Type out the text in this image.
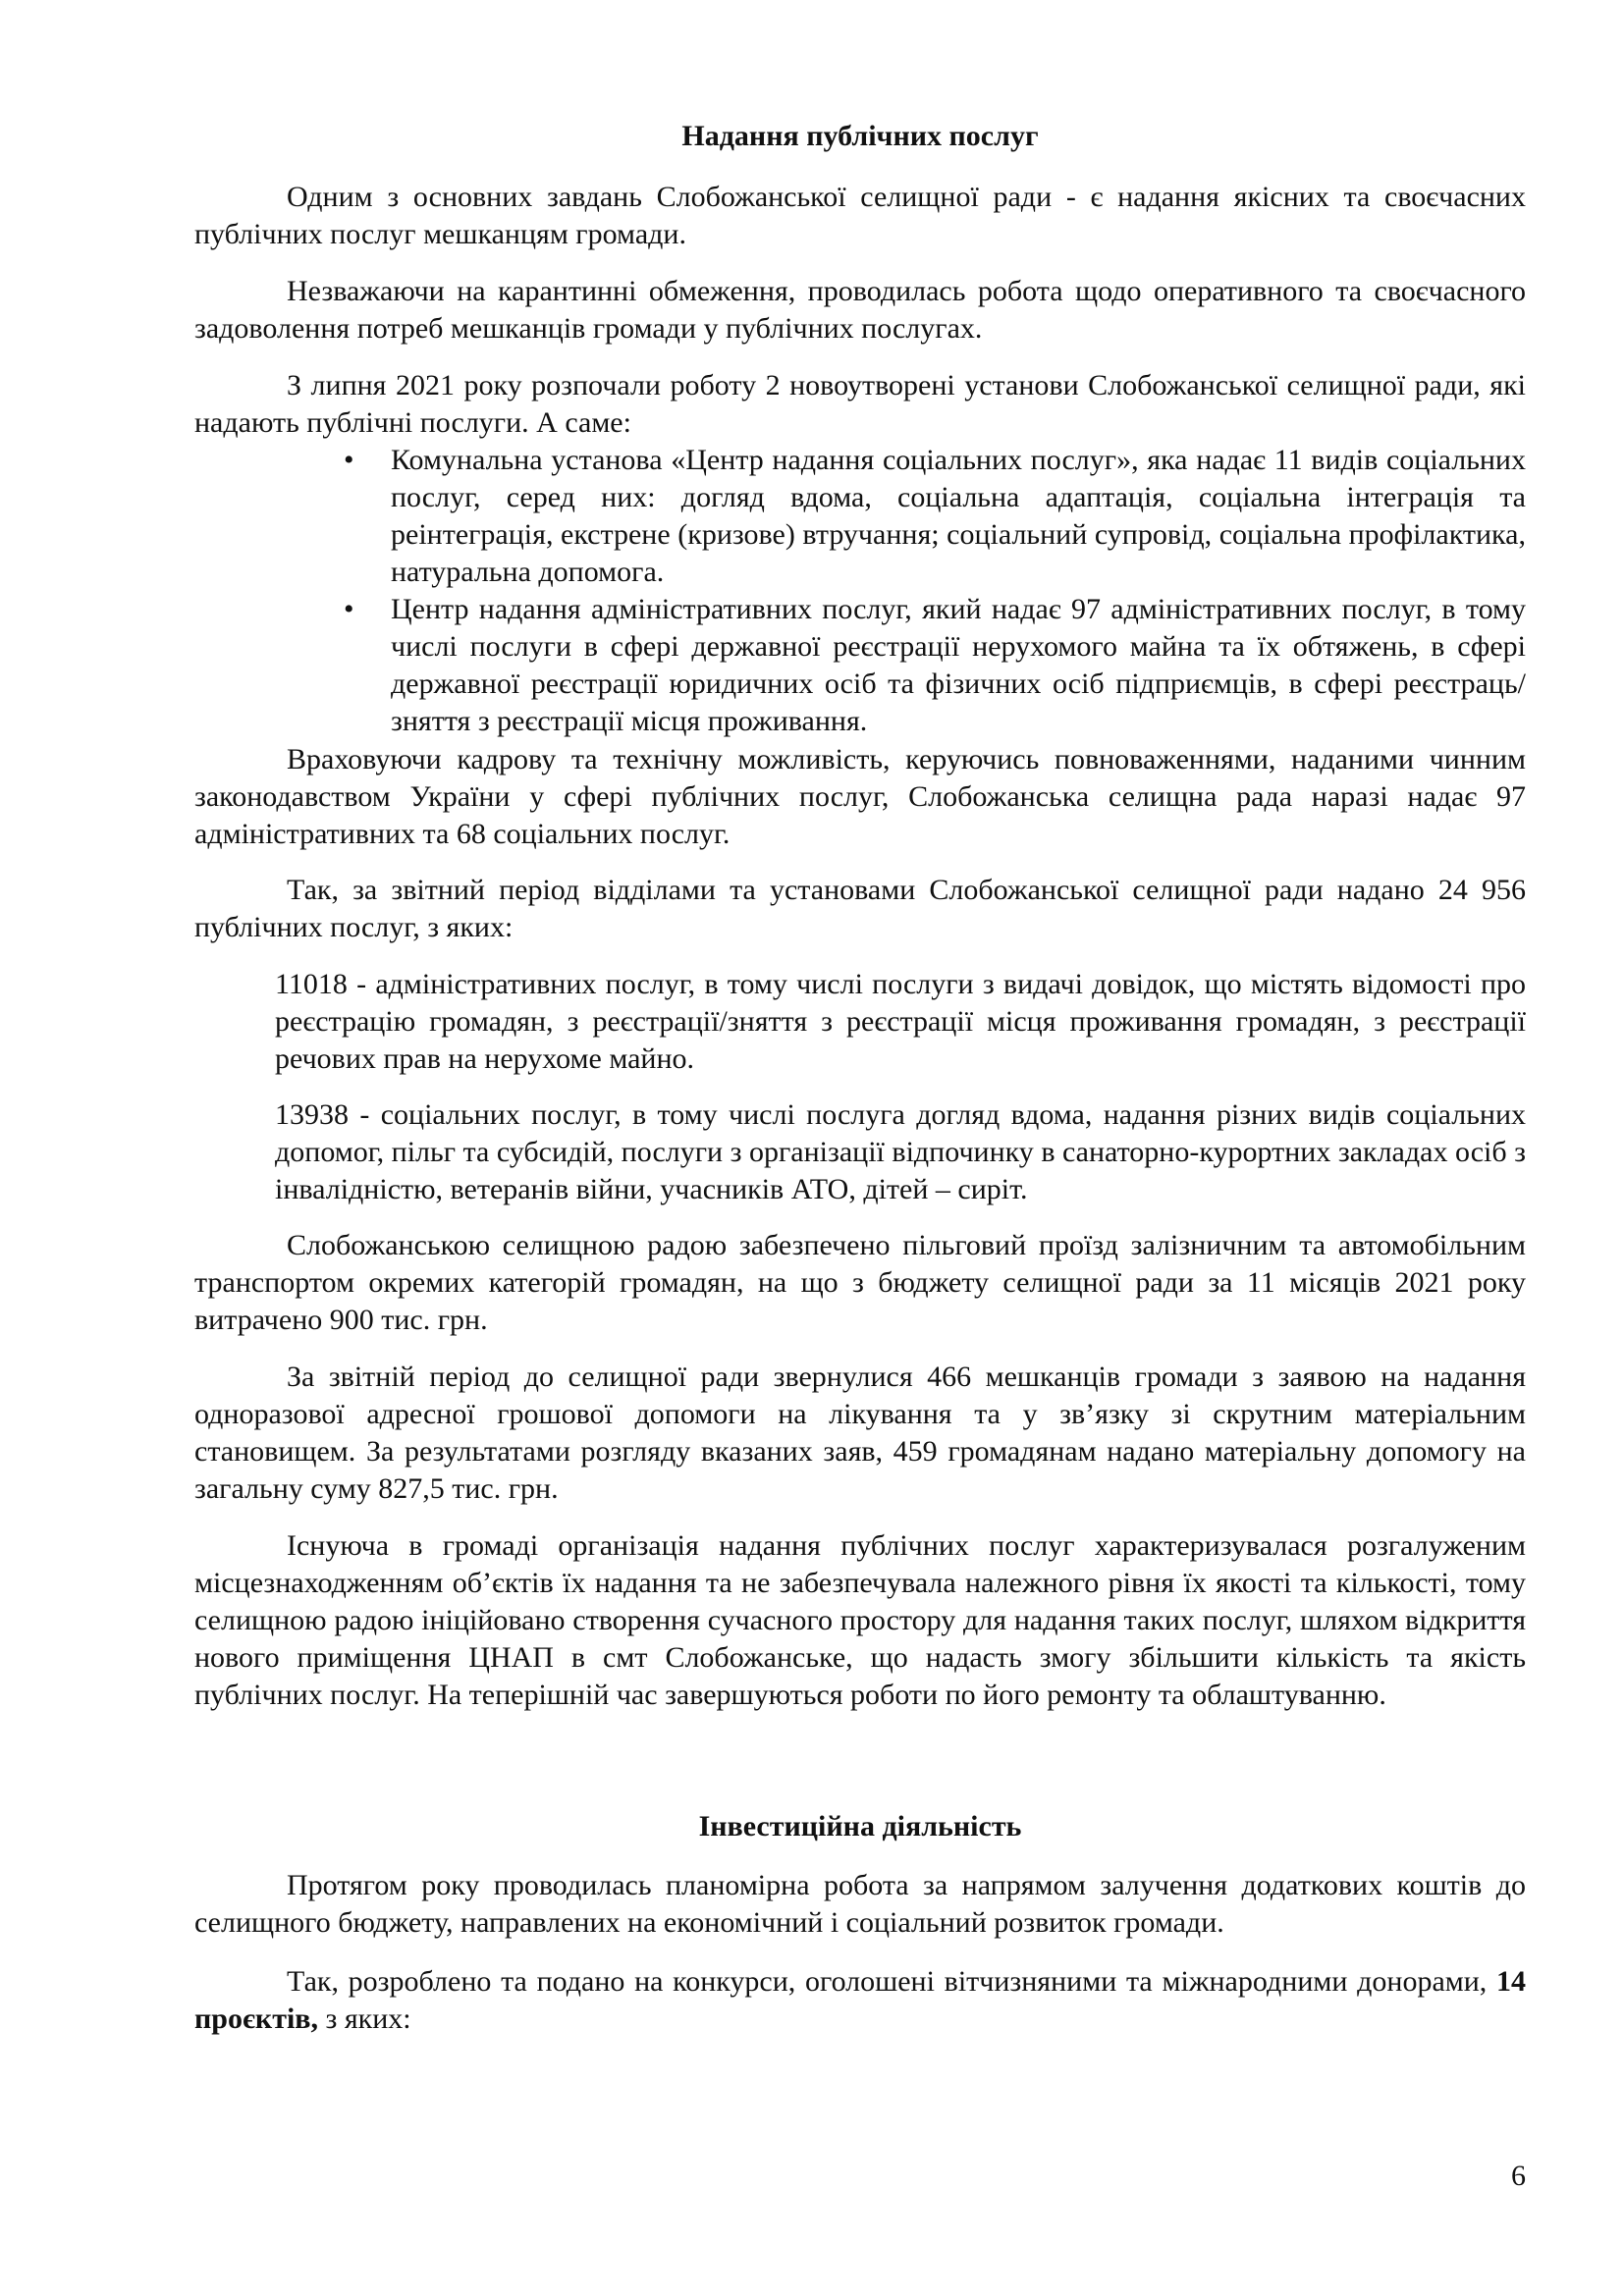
Надання публічних послуг

Одним з основних завдань Слобожанської селищної ради - є надання якісних та своєчасних публічних послуг мешканцям громади.

Незважаючи на карантинні обмеження, проводилась робота щодо оперативного та своєчасного задоволення потреб мешканців громади у публічних послугах.

З липня 2021 року розпочали роботу 2 новоутворені установи Слобожанської селищної ради, які надають публічні послуги. А саме:

• Комунальна установа «Центр надання соціальних послуг», яка надає 11 видів соціальних послуг, серед них: догляд вдома, соціальна адаптація, соціальна інтеграція та реінтеграція, екстрене (кризове) втручання; соціальний супровід, соціальна профілактика, натуральна допомога.
• Центр надання адміністративних послуг, який надає 97 адміністративних послуг, в тому числі послуги в сфері державної реєстрації нерухомого майна та їх обтяжень, в сфері державної реєстрації юридичних осіб та фізичних осіб підприємців, в сфері реєстраць/зняття з реєстрації місця проживання.

Враховуючи кадрову та технічну можливість, керуючись повноваженнями, наданими чинним законодавством України у сфері публічних послуг, Слобожанська селищна рада наразі надає 97 адміністративних та 68 соціальних послуг.

Так, за звітний період відділами та установами Слобожанської селищної ради надано 24 956 публічних послуг, з яких:

11018 - адміністративних послуг, в тому числі послуги з видачі довідок, що містять відомості про реєстрацію громадян, з реєстрації/зняття з реєстрації місця проживання громадян, з реєстрації речових прав на нерухоме майно.

13938 - соціальних послуг, в тому числі послуга догляд вдома, надання різних видів соціальних допомог, пільг та субсидій, послуги з організації відпочинку в санаторно-курортних закладах осіб з інвалідністю, ветеранів війни, учасників АТО, дітей – сиріт.

Слобожанською селищною радою забезпечено пільговий проїзд залізничним та автомобільним транспортом окремих категорій громадян, на що з бюджету селищної ради за 11 місяців 2021 року витрачено 900 тис. грн.

За звітній період до селищної ради звернулися 466 мешканців громади з заявою на надання одноразової адресної грошової допомоги на лікування та у зв’язку зі скрутним матеріальним становищем. За результатами розгляду вказаних заяв, 459 громадянам надано матеріальну допомогу на загальну суму 827,5 тис. грн.

Існуюча в громаді організація надання публічних послуг характеризувалася розгалуженим місцезнаходженням об’єктів їх надання та не забезпечувала належного рівня їх якості та кількості, тому селищною радою ініційовано створення сучасного простору для надання таких послуг, шляхом відкриття нового приміщення ЦНАП в смт Слобожанське, що надасть змогу збільшити кількість та якість публічних послуг. На теперішній час завершуються роботи по його ремонту та облаштуванню.

Інвестиційна діяльність

Протягом року проводилась планомірна робота за напрямом залучення додаткових коштів до селищного бюджету, направлених на економічний і соціальний розвиток громади.

Так, розроблено та подано на конкурси, оголошені вітчизняними та міжнародними донорами, 14 проєктів, з яких:

6
